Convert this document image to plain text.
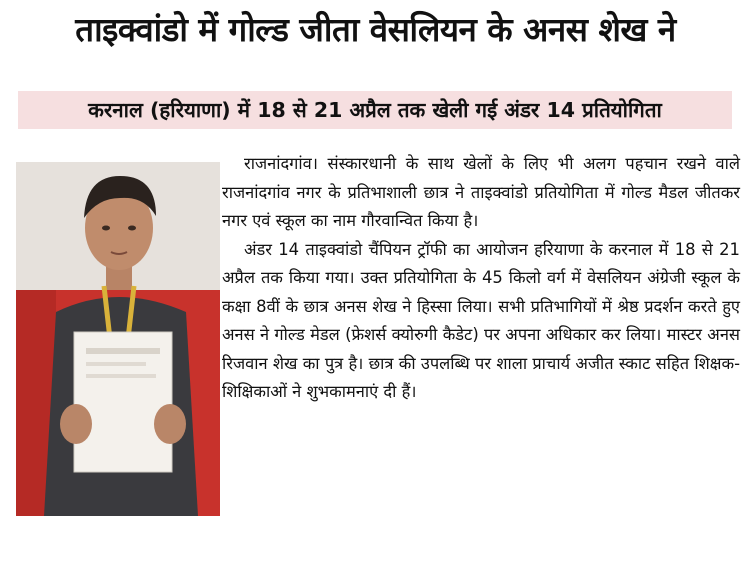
ताइक्वांडो में गोल्ड जीता वेसलियन के अनस शेख ने
करनाल (हरियाणा) में 18 से 21 अप्रैल तक खेली गई अंडर 14 प्रतियोगिता

राजनांदगांव। संस्कारधानी के साथ खेलों के लिए भी अलग पहचान रखने वाले राजनांदगांव नगर के प्रतिभाशाली छात्र ने ताइक्वांडो प्रतियोगिता में गोल्ड मैडल जीतकर नगर एवं स्कूल का नाम गौरवान्वित किया है।

अंडर 14 ताइक्वांडो चैंपियन ट्रॉफी का आयोजन हरियाणा के करनाल में 18 से 21 अप्रैल तक किया गया। उक्त प्रतियोगिता के 45 किलो वर्ग में वेसलियन अंग्रेजी स्कूल के कक्षा 8वीं के छात्र अनस शेख ने हिस्सा लिया। सभी प्रतिभागियों में श्रेष्ठ प्रदर्शन करते हुए अनस ने गोल्ड मेडल (फ्रेशर्स क्योरुगी कैडेट) पर अपना अधिकार कर लिया। मास्टर अनस रिजवान शेख का पुत्र है। छात्र की उपलब्धि पर शाला प्राचार्य अजीत स्काट सहित शिक्षक-शिक्षिकाओं ने शुभकामनाएं दी हैं।
